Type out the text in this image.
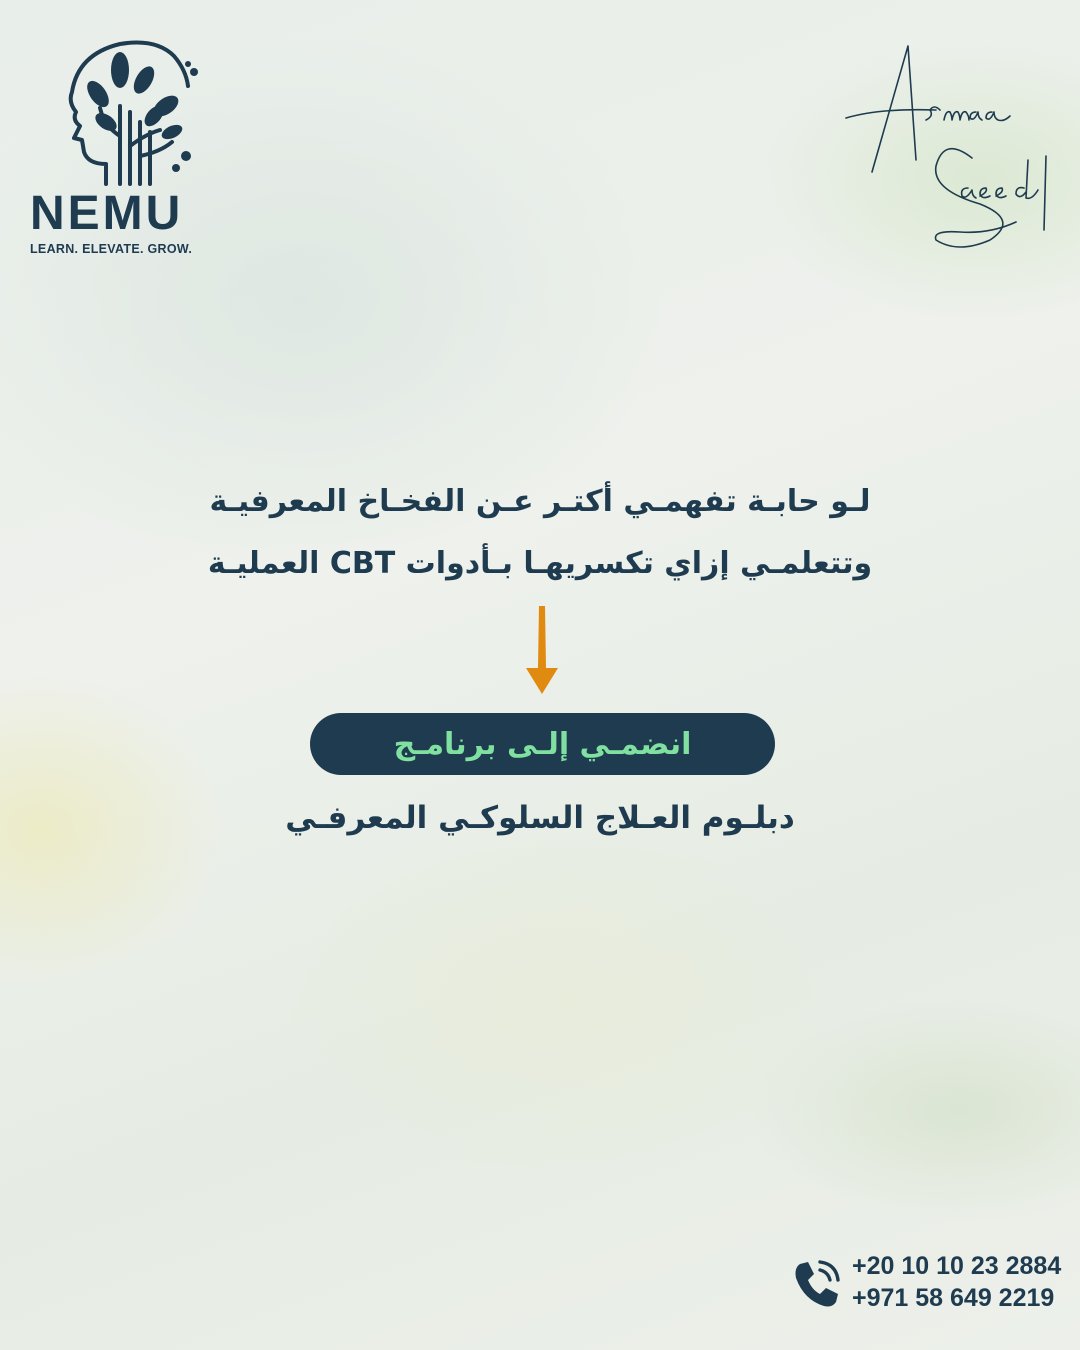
NEMU
LEARN. ELEVATE. GROW.
لـو حابـة تفهمـي أكتـر عـن الفخـاخ المعرفيـة
وتتعلمـي إزاي تكسريهـا بـأدوات CBT العمليـة
انضمـي إلـى برنامـج
دبلـوم العـلاج السلوكـي المعرفـي
+20 10 10 23 2884
+971 58 649 2219
